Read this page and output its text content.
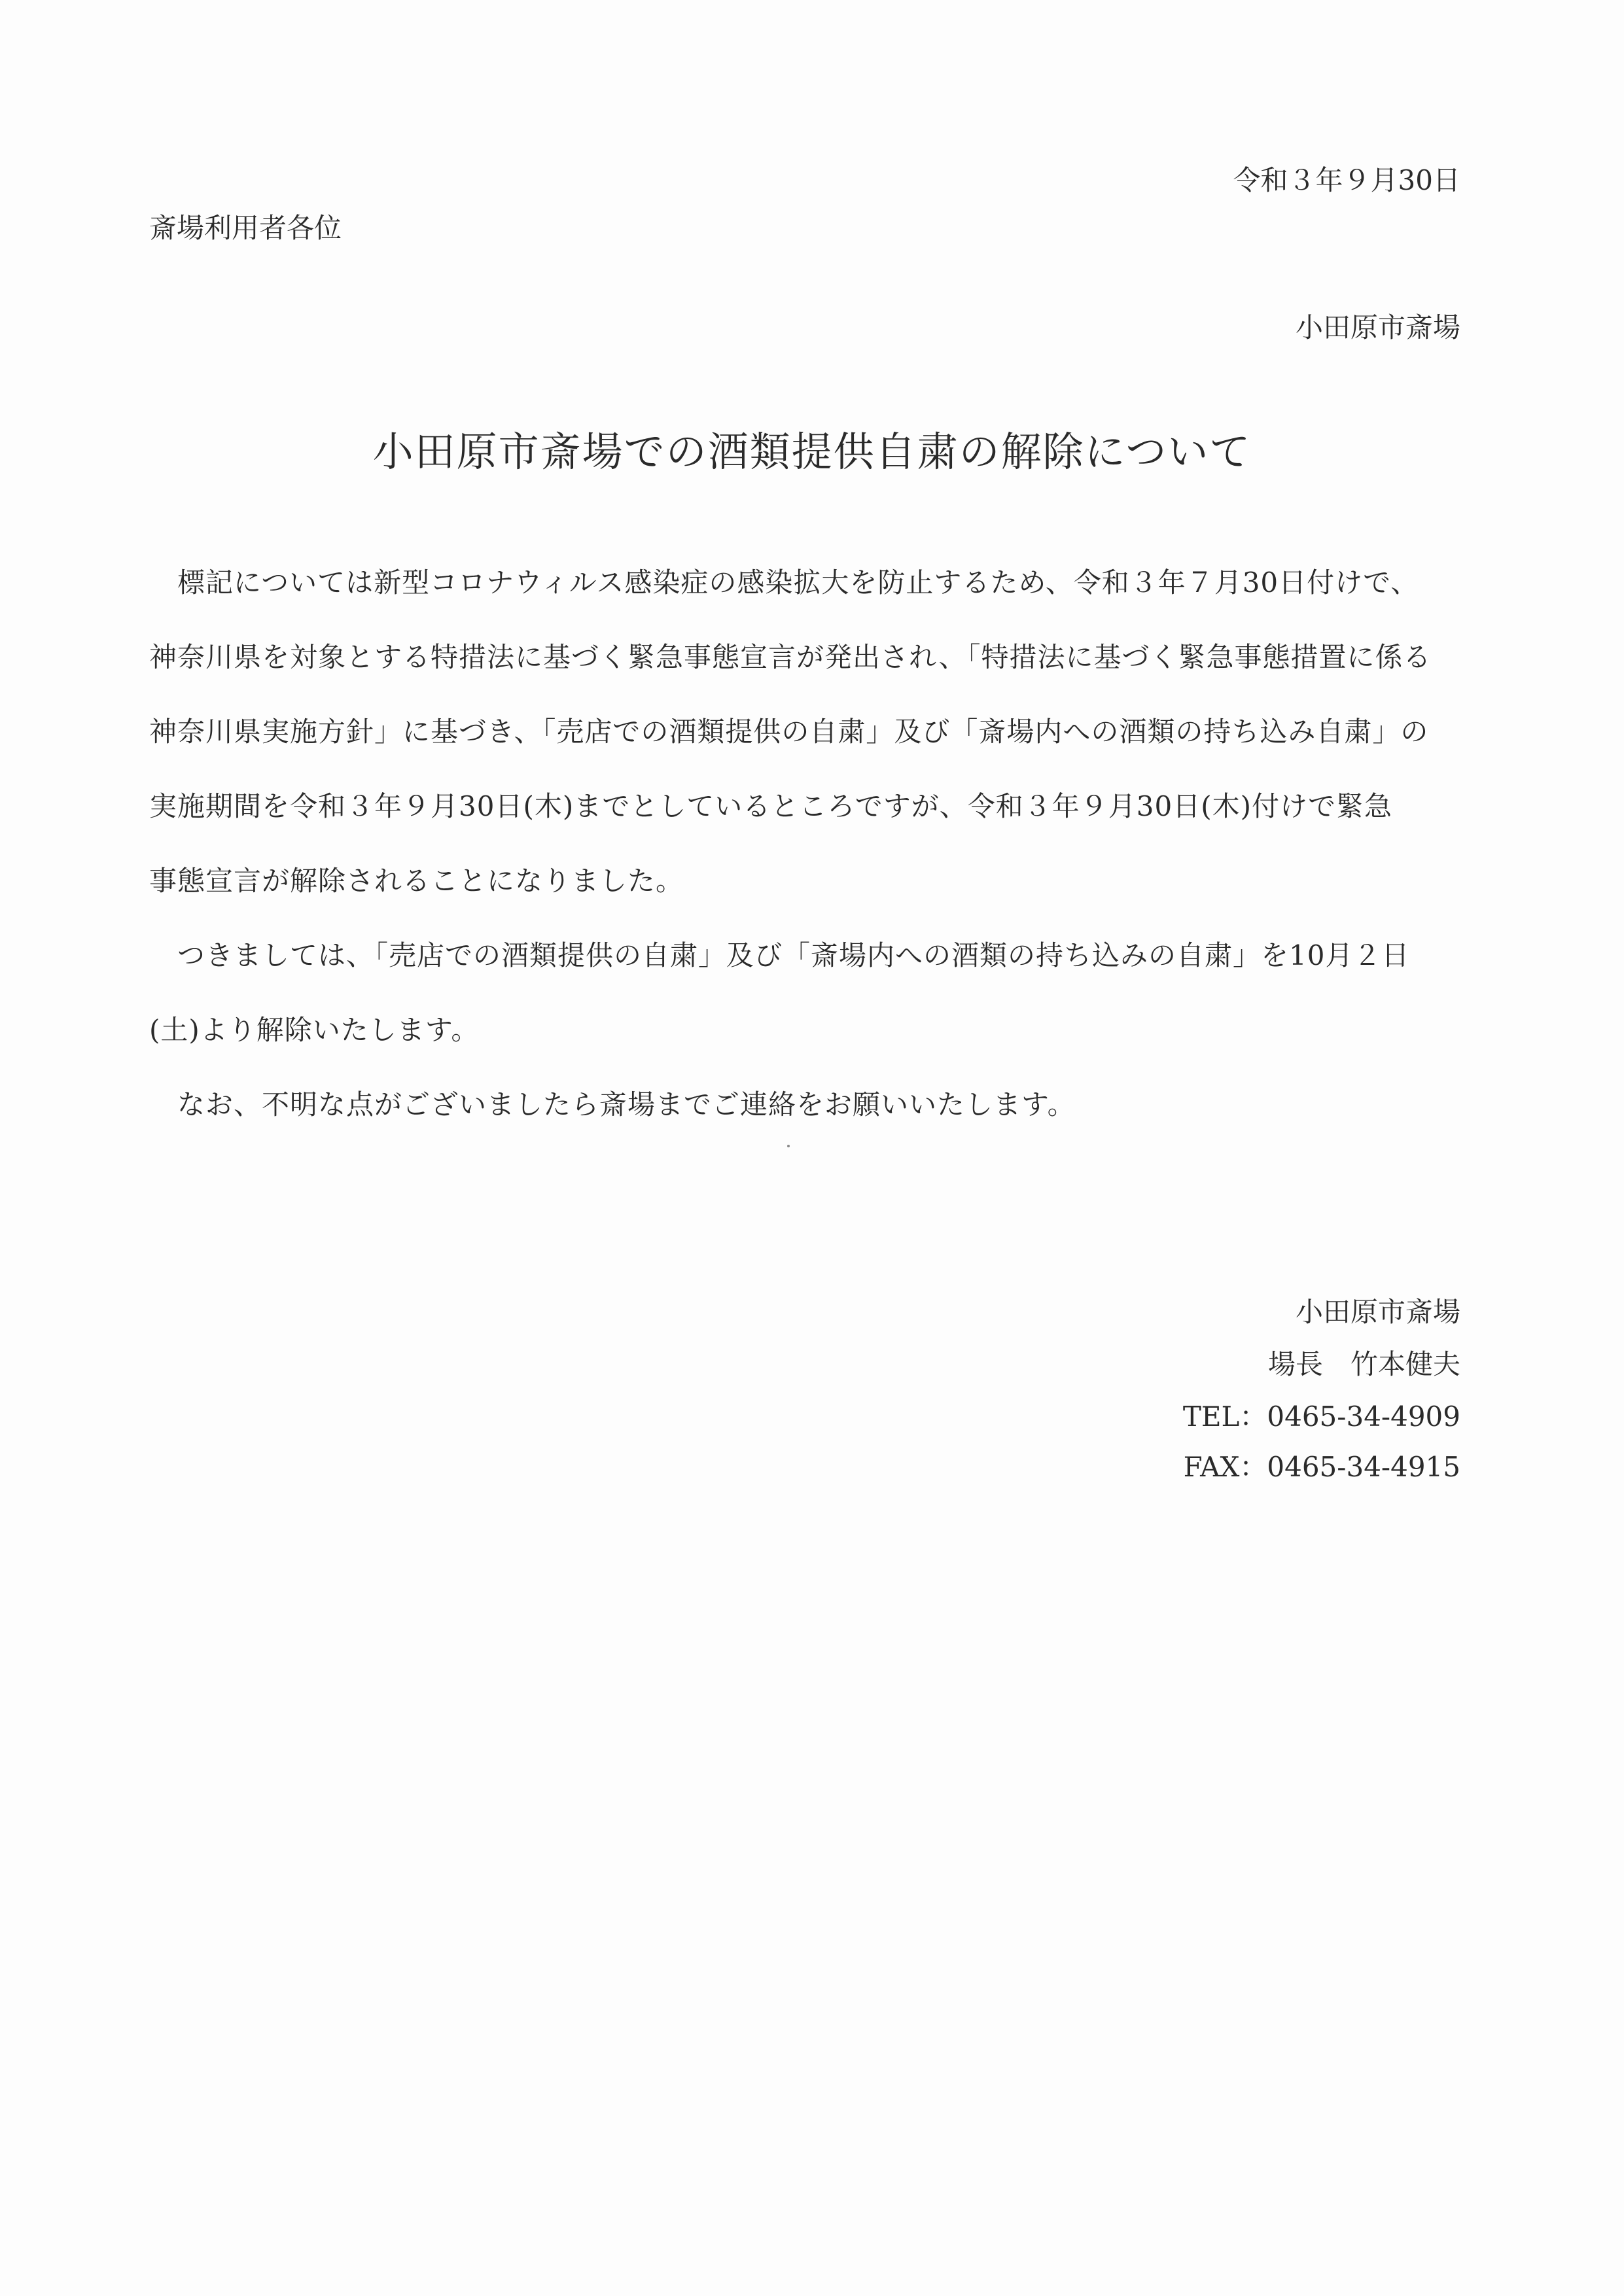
令和３年９月30日
斎場利用者各位
小田原市斎場
小田原市斎場での酒類提供自粛の解除について
　標記については新型コロナウィルス感染症の感染拡大を防止するため、令和３年７月30日付けで、
神奈川県を対象とする特措法に基づく緊急事態宣言が発出され、「特措法に基づく緊急事態措置に係る
神奈川県実施方針」に基づき、「売店での酒類提供の自粛」及び「斎場内への酒類の持ち込み自粛」の
実施期間を令和３年９月30日(木)までとしているところですが、令和３年９月30日(木)付けで緊急
事態宣言が解除されることになりました。
　つきましては、「売店での酒類提供の自粛」及び「斎場内への酒類の持ち込みの自粛」を10月２日
(土)より解除いたします。
　なお、不明な点がございましたら斎場までご連絡をお願いいたします。
小田原市斎場
場長　竹本健夫
TEL：0465-34-4909
FAX：0465-34-4915
